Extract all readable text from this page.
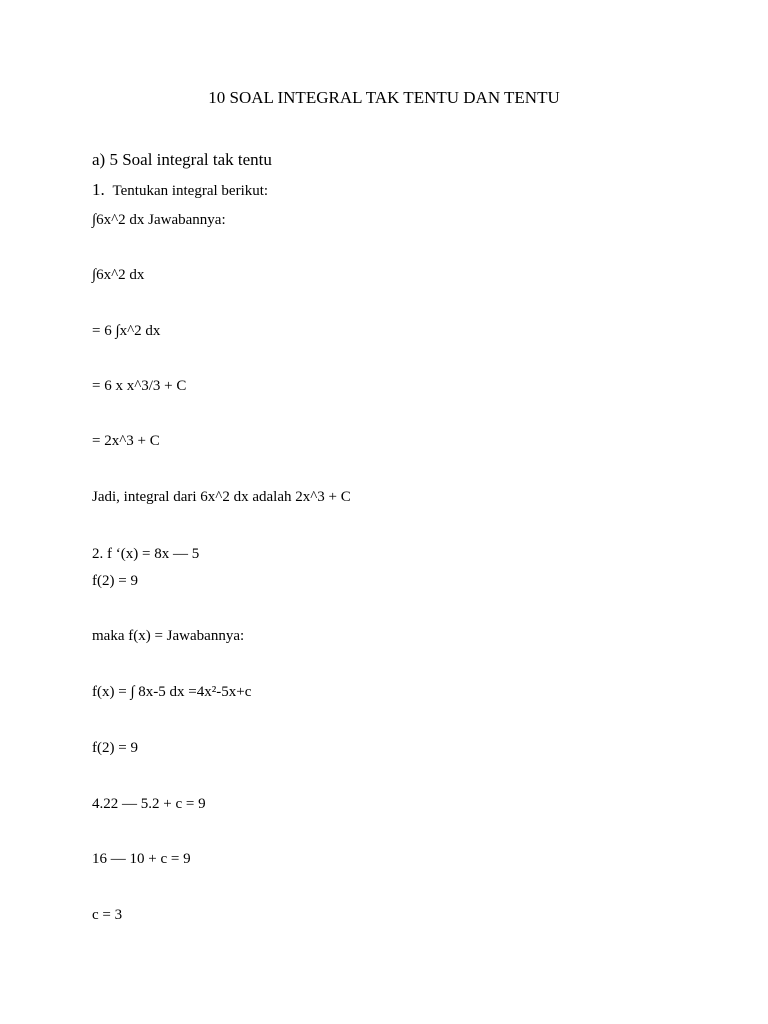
10 SOAL INTEGRAL TAK TENTU DAN TENTU
a) 5 Soal integral tak tentu
1. Tentukan integral berikut:
∫6x^2 dx Jawabannya:
∫6x^2 dx
= 6 ∫x^2 dx
= 6 x x^3/3 + C
= 2x^3 + C
Jadi, integral dari 6x^2 dx adalah 2x^3 + C
2. f ‘(x) = 8x — 5
f(2) = 9
maka f(x) = Jawabannya:
f(x) = ∫ 8x-5 dx =4x²-5x+c
f(2) = 9
4.22 — 5.2 + c = 9
16 — 10 + c = 9
c = 3
